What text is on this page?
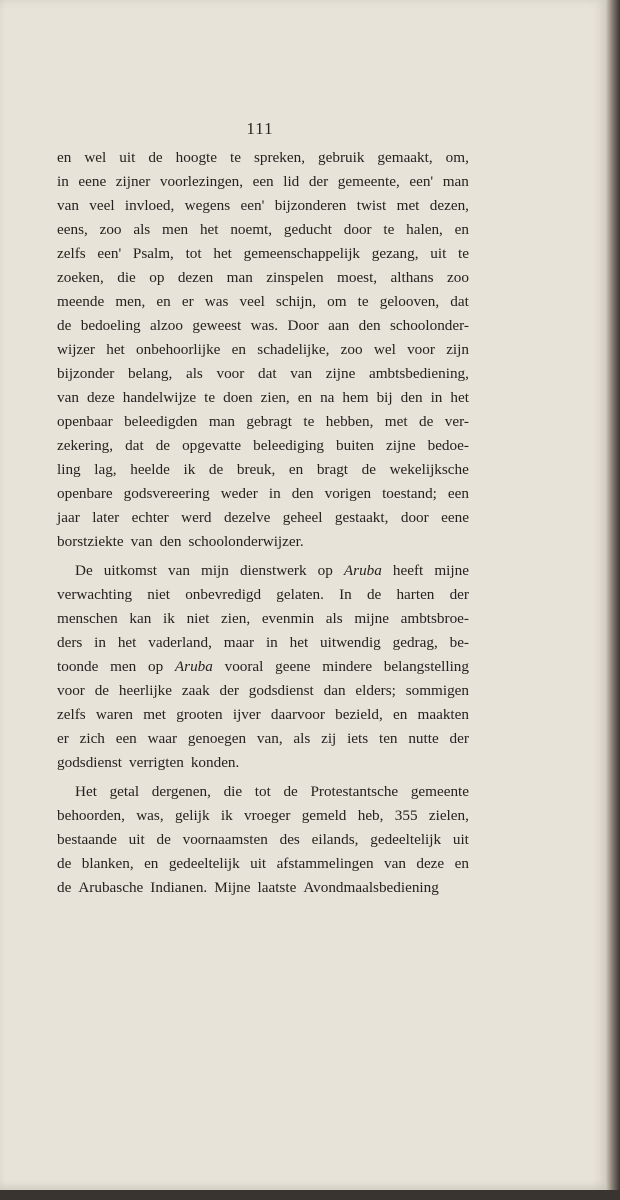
111
en wel uit de hoogte te spreken, gebruik gemaakt, om,
in eene zijner voorlezingen, een lid der gemeente, een' man
van veel invloed, wegens een' bijzonderen twist met dezen,
eens, zoo als men het noemt, geducht door te halen, en
zelfs een' Psalm, tot het gemeenschappelijk gezang, uit te
zoeken, die op dezen man zinspelen moest, althans zoo
meende men, en er was veel schijn, om te gelooven, dat
de bedoeling alzoo geweest was. Door aan den schoolonder-
wijzer het onbehoorlijke en schadelijke, zoo wel voor zijn
bijzonder belang, als voor dat van zijne ambtsbediening,
van deze handelwijze te doen zien, en na hem bij den in het
openbaar beleedigden man gebragt te hebben, met de ver-
zekering, dat de opgevatte beleediging buiten zijne bedoe-
ling lag, heelde ik de breuk, en bragt de wekelijksche
openbare godsvereering weder in den vorigen toestand; een
jaar later echter werd dezelve geheel gestaakt, door eene
borstziekte van den schoolonderwijzer.
De uitkomst van mijn dienstwerk op Aruba heeft mijne
verwachting niet onbevredigd gelaten. In de harten der
menschen kan ik niet zien, evenmin als mijne ambtsbroe-
ders in het vaderland, maar in het uitwendig gedrag, be-
toonde men op Aruba vooral geene mindere belangstelling
voor de heerlijke zaak der godsdienst dan elders; sommigen
zelfs waren met grooten ijver daarvoor bezield, en maakten
er zich een waar genoegen van, als zij iets ten nutte der
godsdienst verrigten konden.
Het getal dergenen, die tot de Protestantsche gemeente
behoorden, was, gelijk ik vroeger gemeld heb, 355 zielen,
bestaande uit de voornaamsten des eilands, gedeeltelijk uit
de blanken, en gedeeltelijk uit afstammelingen van deze en
de Arubasche Indianen. Mijne laatste Avondmaalsbediening
